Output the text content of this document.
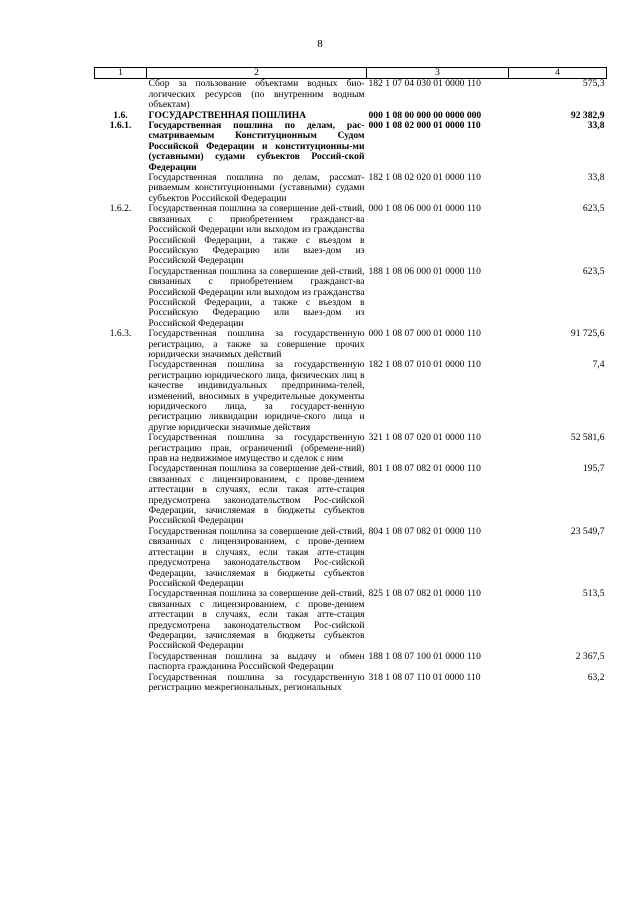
8
1	2	3	4
	Сбор за пользование объектами водных био-логических ресурсов (по внутренним водным объектам)	182 1 07 04 030 01 0000 110	575,3
1.6.	ГОСУДАРСТВЕННАЯ ПОШЛИНА	000 1 08 00 000 00 0000 000	92 382,9
1.6.1.	Государственная пошлина по делам, рас-сматриваемым Конституционным Судом Российской Федерации и конституционны-ми (уставными) судами субъектов Россий-ской Федерации	000 1 08 02 000 01 0000 110	33,8
	Государственная пошлина по делам, рассмат-риваемым конституционными (уставными) судами субъектов Российской Федерации	182 1 08 02 020 01 0000 110	33,8
1.6.2.	Государственная пошлина за совершение дей-ствий, связанных с приобретением гражданст-ва Российской Федерации или выходом из гражданства Российской Федерации, а также с въездом в Российскую Федерацию или выез-дом из Российской Федерации	000 1 08 06 000 01 0000 110	623,5
	Государственная пошлина за совершение дей-ствий, связанных с приобретением гражданст-ва Российской Федерации или выходом из гражданства Российской Федерации, а также с въездом в Российскую Федерацию или выез-дом из Российской Федерации	188 1 08 06 000 01 0000 110	623,5
1.6.3.	Государственная пошлина за государственную регистрацию, а также за совершение прочих юридически значимых действий	000 1 08 07 000 01 0000 110	91 725,6
	Государственная пошлина за государственную регистрацию юридического лица, физических лиц в качестве индивидуальных предпринима-телей, изменений, вносимых в учредительные документы юридического лица, за государст-венную регистрацию ликвидации юридиче-ского лица и другие юридически значимые действия	182 1 08 07 010 01 0000 110	7,4
	Государственная пошлина за государственную регистрацию прав, ограничений (обремене-ний) прав на недвижимое имущество и сделок с ним	321 1 08 07 020 01 0000 110	52 581,6
	Государственная пошлина за совершение дей-ствий, связанных с лицензированием, с прове-дением аттестации в случаях, если такая атте-стация предусмотрена законодательством Рос-сийской Федерации, зачисляемая в бюджеты субъектов Российской Федерации	801 1 08 07 082 01 0000 110	195,7
	Государственная пошлина за совершение дей-ствий, связанных с лицензированием, с прове-дением аттестации в случаях, если такая атте-стация предусмотрена законодательством Рос-сийской Федерации, зачисляемая в бюджеты субъектов Российской Федерации	804 1 08 07 082 01 0000 110	23 549,7
	Государственная пошлина за совершение дей-ствий, связанных с лицензированием, с прове-дением аттестации в случаях, если такая атте-стация предусмотрена законодательством Рос-сийской Федерации, зачисляемая в бюджеты субъектов Российской Федерации	825 1 08 07 082 01 0000 110	513,5
	Государственная пошлина за выдачу и обмен паспорта гражданина Российской Федерации	188 1 08 07 100 01 0000 110	2 367,5
	Государственная пошлина за государственную регистрацию межрегиональных, региональных	318 1 08 07 110 01 0000 110	63,2
